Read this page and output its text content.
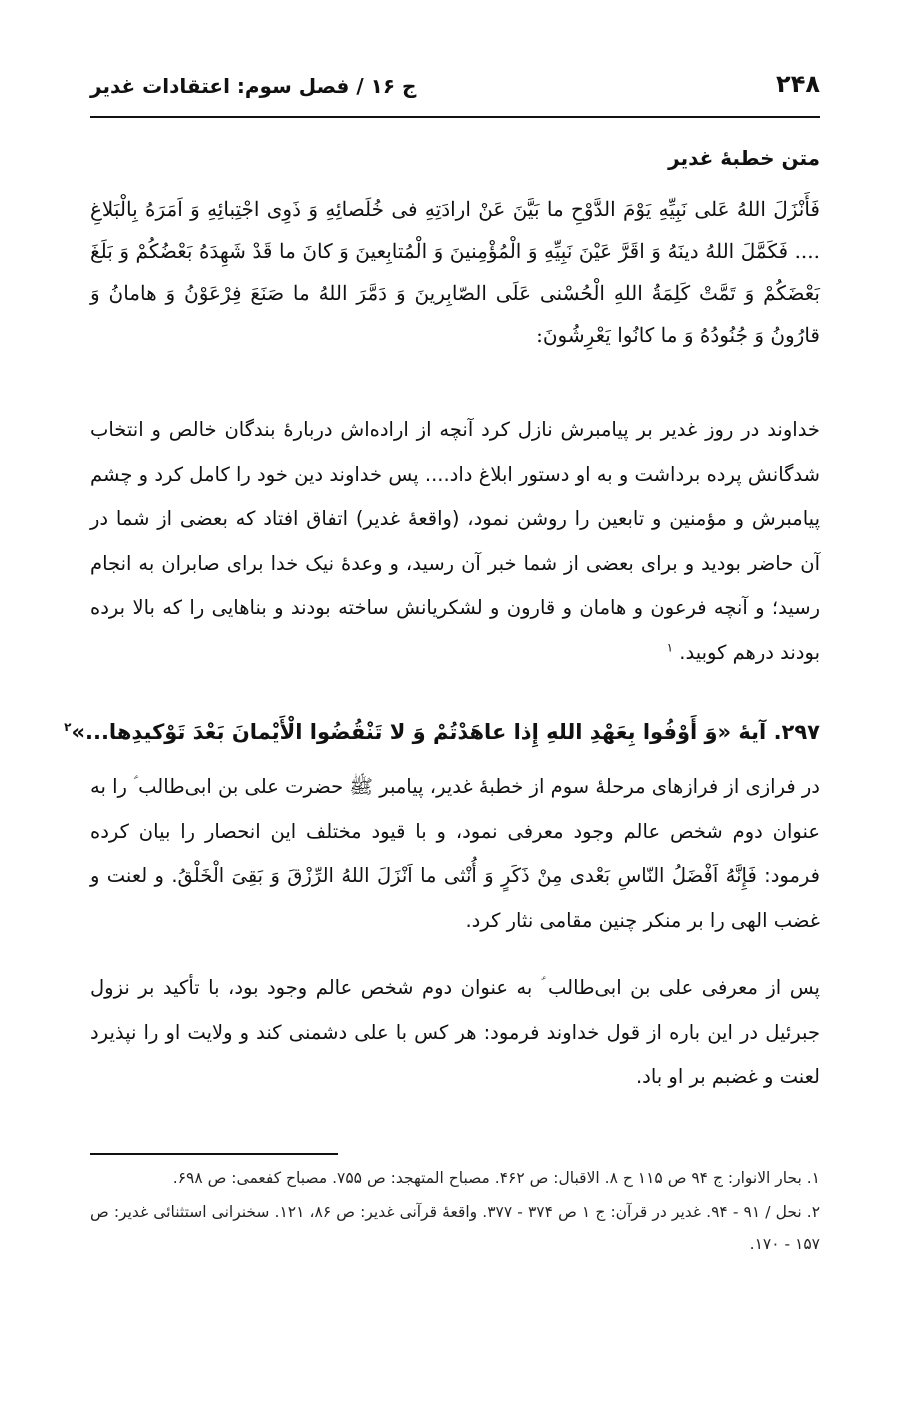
۲۴۸
ج ۱۶ / فصل سوم: اعتقادات غدیر
متن خطبهٔ غدیر

فَأَنْزَلَ اللهُ عَلی نَبِیِّهِ یَوْمَ الدَّوْحِ ما بَیَّنَ عَنْ ارادَتِهِ فی خُلَصائِهِ وَ ذَوِی اجْتِبائِهِ وَ اَمَرَهُ بِالْبَلاغِ .... فَکَمَّلَ اللهُ دینَهُ وَ اقَرَّ عَیْنَ نَبِیِّهِ وَ الْمُؤْمِنینَ وَ الْمُتابِعینَ وَ کانَ ما قَدْ شَهِدَهُ بَعْضُکُمْ وَ بَلَغَ بَعْضَکُمْ وَ تَمَّتْ کَلِمَةُ اللهِ الْحُسْنی عَلَی الصّابِرینَ وَ دَمَّرَ اللهُ ما صَنَعَ فِرْعَوْنُ وَ هامانُ وَ قارُونُ وَ جُنُودُهُ وَ ما کانُوا یَعْرِشُونَ:

خداوند در روز غدیر بر پیامبرش نازل کرد آنچه از اراده‌اش دربارهٔ بندگان خالص و انتخاب شدگانش پرده برداشت و به او دستور ابلاغ داد.... پس خداوند دین خود را کامل کرد و چشم پیامبرش و مؤمنین و تابعین را روشن نمود، (واقعهٔ غدیر) اتفاق افتاد که بعضی از شما در آن حاضر بودید و برای بعضی از شما خبر آن رسید، و وعدهٔ نیک خدا برای صابران به انجام رسید؛ و آنچه فرعون و هامان و قارون و لشکریانش ساخته بودند و بناهایی را که بالا برده بودند درهم کوبید. $^۱$

۲۹۷. آیهٔ «وَ أَوْفُوا بِعَهْدِ اللهِ إِذا عاهَدْتُمْ وَ لا تَنْقُضُوا الْأَیْمانَ بَعْدَ تَوْکیدِها...»$^۲$

در فرازی از فرازهای مرحلهٔ سوم از خطبهٔ غدیر، پیامبر ﷺ حضرت علی بن ابی‌طالب ؑ را به عنوان دوم شخص عالم وجود معرفی نمود، و با قیود مختلف این انحصار را بیان کرده فرمود: فَإِنَّهُ اَفْضَلُ النّاسِ بَعْدی مِنْ ذَکَرٍ وَ أُنْثی ما اَنْزَلَ اللهُ الرِّزْقَ وَ بَقِیَ الْخَلْقُ. و لعنت و غضب الهی را بر منکر چنین مقامی نثار کرد.

پس از معرفی علی بن ابی‌طالب ؑ به عنوان دوم شخص عالم وجود بود، با تأکید بر نزول جبرئیل در این باره از قول خداوند فرمود: هر کس با علی دشمنی کند و ولایت او را نپذیرد لعنت و غضبم بر او باد.

۱. بحار الانوار: ج ۹۴ ص ۱۱۵ ح ۸. الاقبال: ص ۴۶۲. مصباح المتهجد: ص ۷۵۵. مصباح کفعمی: ص ۶۹۸.

۲. نحل / ۹۱ - ۹۴. غدیر در قرآن: ج ۱ ص ۳۷۴ - ۳۷۷. واقعهٔ قرآنی غدیر: ص ۸۶، ۱۲۱. سخنرانی استثنائی غدیر: ص ۱۵۷ - ۱۷۰.
